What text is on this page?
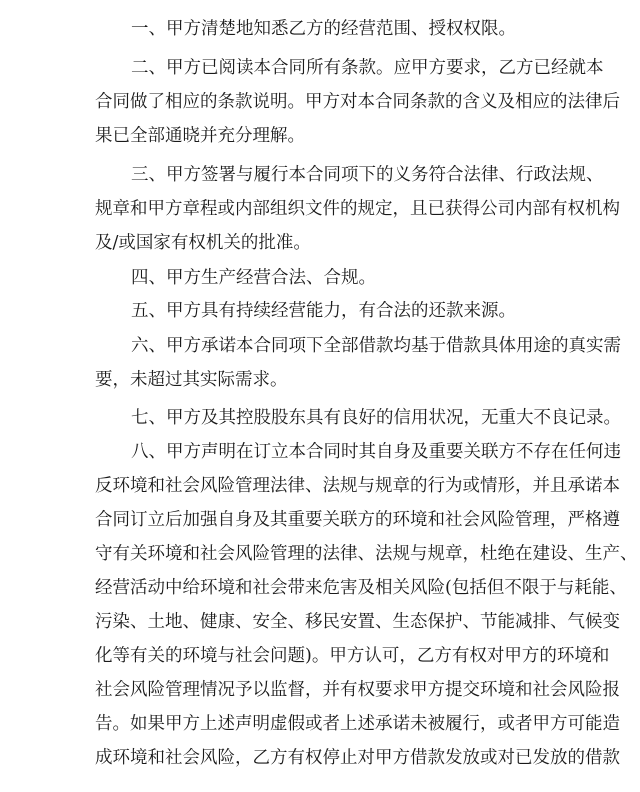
一、甲方清楚地知悉乙方的经营范围、授权权限。
二、甲方已阅读本合同所有条款。应甲方要求，乙方已经就本
合同做了相应的条款说明。甲方对本合同条款的含义及相应的法律后
果已全部通晓并充分理解。
三、甲方签署与履行本合同项下的义务符合法律、行政法规、
规章和甲方章程或内部组织文件的规定，且已获得公司内部有权机构
及/或国家有权机关的批准。
四、甲方生产经营合法、合规。
五、甲方具有持续经营能力，有合法的还款来源。
六、甲方承诺本合同项下全部借款均基于借款具体用途的真实需
要，未超过其实际需求。
七、甲方及其控股股东具有良好的信用状况，无重大不良记录。
八、甲方声明在订立本合同时其自身及重要关联方不存在任何违
反环境和社会风险管理法律、法规与规章的行为或情形，并且承诺本
合同订立后加强自身及其重要关联方的环境和社会风险管理，严格遵
守有关环境和社会风险管理的法律、法规与规章，杜绝在建设、生产、
经营活动中给环境和社会带来危害及相关风险(包括但不限于与耗能、
污染、土地、健康、安全、移民安置、生态保护、节能减排、气候变
化等有关的环境与社会问题)。甲方认可，乙方有权对甲方的环境和
社会风险管理情况予以监督，并有权要求甲方提交环境和社会风险报
告。如果甲方上述声明虚假或者上述承诺未被履行，或者甲方可能造
成环境和社会风险，乙方有权停止对甲方借款发放或对已发放的借款
